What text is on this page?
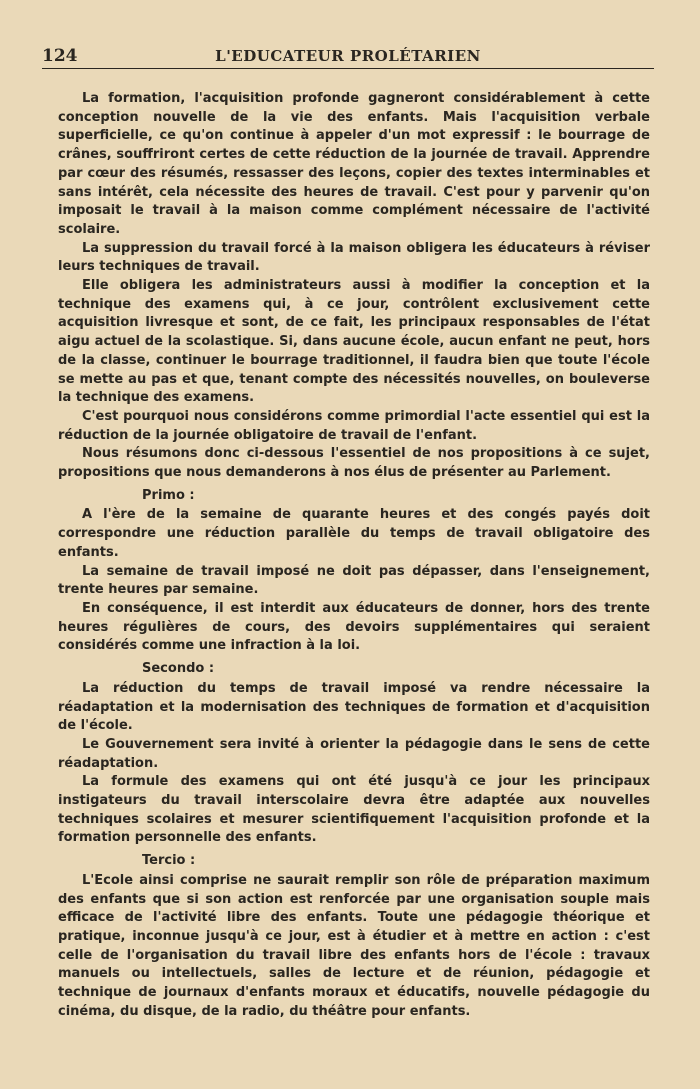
124	L'EDUCATEUR PROLÉTARIEN

La formation, l'acquisition profonde gagneront considérablement à cette conception nouvelle de la vie des enfants. Mais l'acquisition verbale superficielle, ce qu'on continue à appeler d'un mot expressif : le bourrage de crânes, souffriront certes de cette réduction de la journée de travail. Apprendre par cœur des résumés, ressasser des leçons, copier des textes interminables et sans intérêt, cela nécessite des heures de travail. C'est pour y parvenir qu'on imposait le travail à la maison comme complément nécessaire de l'activité scolaire.

La suppression du travail forcé à la maison obligera les éducateurs à réviser leurs techniques de travail.

Elle obligera les administrateurs aussi à modifier la conception et la technique des examens qui, à ce jour, contrôlent exclusivement cette acquisition livresque et sont, de ce fait, les principaux responsables de l'état aigu actuel de la scolastique. Si, dans aucune école, aucun enfant ne peut, hors de la classe, continuer le bourrage traditionnel, il faudra bien que toute l'école se mette au pas et que, tenant compte des nécessités nouvelles, on bouleverse la technique des examens.

C'est pourquoi nous considérons comme primordial l'acte essentiel qui est la réduction de la journée obligatoire de travail de l'enfant.

Nous résumons donc ci-dessous l'essentiel de nos propositions à ce sujet, propositions que nous demanderons à nos élus de présenter au Parlement.

Primo :

A l'ère de la semaine de quarante heures et des congés payés doit correspondre une réduction parallèle du temps de travail obligatoire des enfants.

La semaine de travail imposé ne doit pas dépasser, dans l'enseignement, trente heures par semaine.

En conséquence, il est interdit aux éducateurs de donner, hors des trente heures régulières de cours, des devoirs supplémentaires qui seraient considérés comme une infraction à la loi.

Secondo :

La réduction du temps de travail imposé va rendre nécessaire la réadaptation et la modernisation des techniques de formation et d'acquisition de l'école.

Le Gouvernement sera invité à orienter la pédagogie dans le sens de cette réadaptation.

La formule des examens qui ont été jusqu'à ce jour les principaux instigateurs du travail interscolaire devra être adaptée aux nouvelles techniques scolaires et mesurer scientifiquement l'acquisition profonde et la formation personnelle des enfants.

Tercio :

L'Ecole ainsi comprise ne saurait remplir son rôle de préparation maximum des enfants que si son action est renforcée par une organisation souple mais efficace de l'activité libre des enfants. Toute une pédagogie théorique et pratique, inconnue jusqu'à ce jour, est à étudier et à mettre en action : c'est celle de l'organisation du travail libre des enfants hors de l'école : travaux manuels ou intellectuels, salles de lecture et de réunion, pédagogie et technique de journaux d'enfants moraux et éducatifs, nouvelle pédagogie du cinéma, du disque, de la radio, du théâtre pour enfants.
